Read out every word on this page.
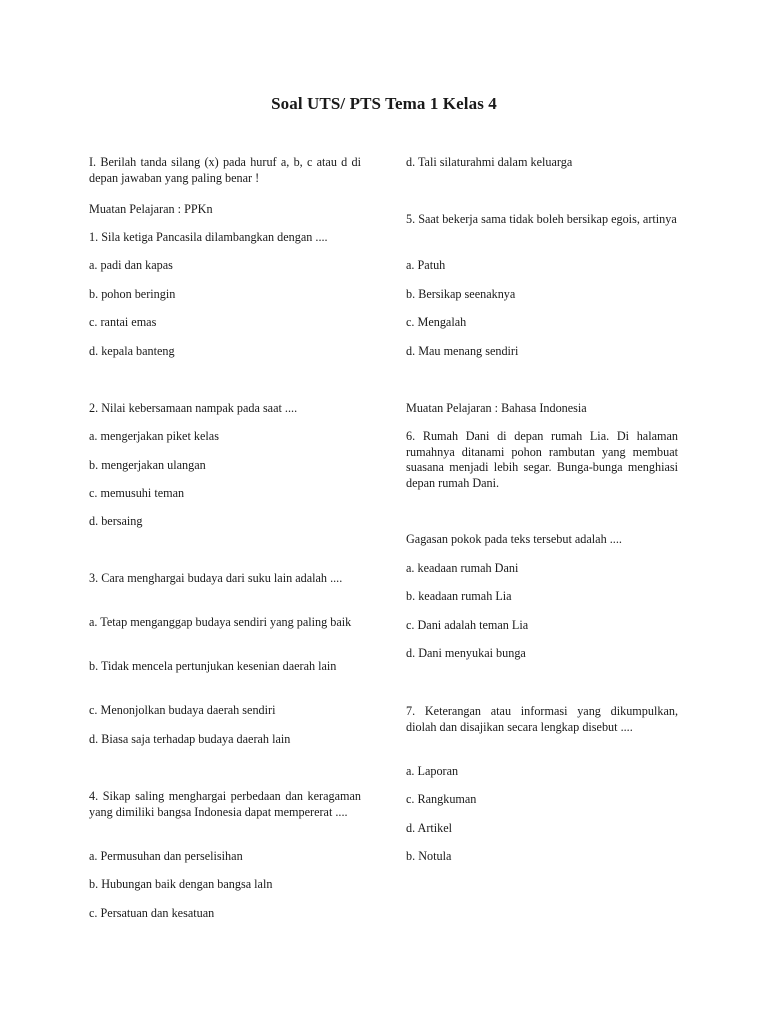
Soal UTS/ PTS Tema 1 Kelas 4

I. Berilah tanda silang (x) pada huruf a, b, c atau d di depan jawaban yang paling benar !

Muatan Pelajaran : PPKn

1. Sila ketiga Pancasila dilambangkan dengan ....

a. padi dan kapas

b. pohon beringin

c. rantai emas

d. kepala banteng

2. Nilai kebersamaan nampak pada saat ....

a. mengerjakan piket kelas

b. mengerjakan ulangan

c. memusuhi teman

d. bersaing

3. Cara menghargai budaya dari suku lain adalah ....

a. Tetap menganggap budaya sendiri yang paling baik

b. Tidak mencela pertunjukan kesenian daerah lain

c. Menonjolkan budaya daerah sendiri

d. Biasa saja terhadap budaya daerah lain

4. Sikap saling menghargai perbedaan dan keragaman yang dimiliki bangsa Indonesia dapat mempererat ....

a. Permusuhan dan perselisihan

b. Hubungan baik dengan bangsa laln

c. Persatuan dan kesatuan

d. Tali silaturahmi dalam keluarga

5. Saat bekerja sama tidak boleh bersikap egois, artinya

a. Patuh

b. Bersikap seenaknya

c. Mengalah

d. Mau menang sendiri

Muatan Pelajaran : Bahasa Indonesia

6. Rumah Dani di depan rumah Lia. Di halaman rumahnya ditanami pohon rambutan yang membuat suasana menjadi lebih segar. Bunga-bunga menghiasi depan rumah Dani.

Gagasan pokok pada teks tersebut adalah ....

a. keadaan rumah Dani

b. keadaan rumah Lia

c. Dani adalah teman Lia

d. Dani menyukai bunga

7. Keterangan atau informasi yang dikumpulkan, diolah dan disajikan secara lengkap disebut ....

a. Laporan

c. Rangkuman

d. Artikel

b. Notula
